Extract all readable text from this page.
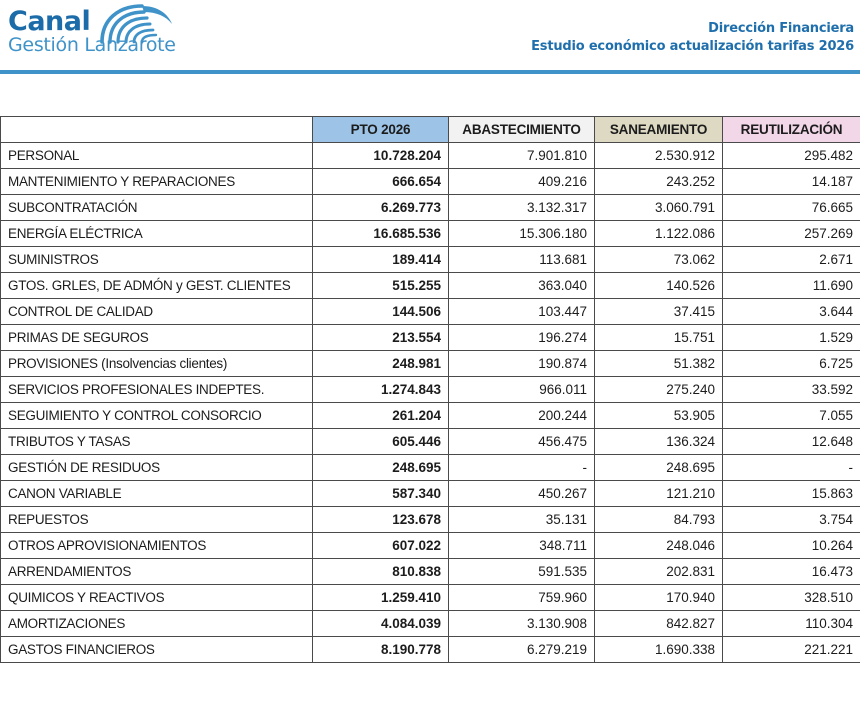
Canal
Gestión Lanzarote
Dirección Financiera
Estudio económico actualización tarifas 2026
	PTO 2026	ABASTECIMIENTO	SANEAMIENTO	REUTILIZACIÓN
PERSONAL	10.728.204	7.901.810	2.530.912	295.482
MANTENIMIENTO Y REPARACIONES	666.654	409.216	243.252	14.187
SUBCONTRATACIÓN	6.269.773	3.132.317	3.060.791	76.665
ENERGÍA ELÉCTRICA	16.685.536	15.306.180	1.122.086	257.269
SUMINISTROS	189.414	113.681	73.062	2.671
GTOS. GRLES, DE ADMÓN y GEST. CLIENTES	515.255	363.040	140.526	11.690
CONTROL DE CALIDAD	144.506	103.447	37.415	3.644
PRIMAS DE SEGUROS	213.554	196.274	15.751	1.529
PROVISIONES (Insolvencias clientes)	248.981	190.874	51.382	6.725
SERVICIOS PROFESIONALES INDEPTES.	1.274.843	966.011	275.240	33.592
SEGUIMIENTO Y CONTROL CONSORCIO	261.204	200.244	53.905	7.055
TRIBUTOS Y TASAS	605.446	456.475	136.324	12.648
GESTIÓN DE RESIDUOS	248.695	-	248.695	-
CANON VARIABLE	587.340	450.267	121.210	15.863
REPUESTOS	123.678	35.131	84.793	3.754
OTROS APROVISIONAMIENTOS	607.022	348.711	248.046	10.264
ARRENDAMIENTOS	810.838	591.535	202.831	16.473
QUIMICOS Y REACTIVOS	1.259.410	759.960	170.940	328.510
AMORTIZACIONES	4.084.039	3.130.908	842.827	110.304
GASTOS FINANCIEROS	8.190.778	6.279.219	1.690.338	221.221
